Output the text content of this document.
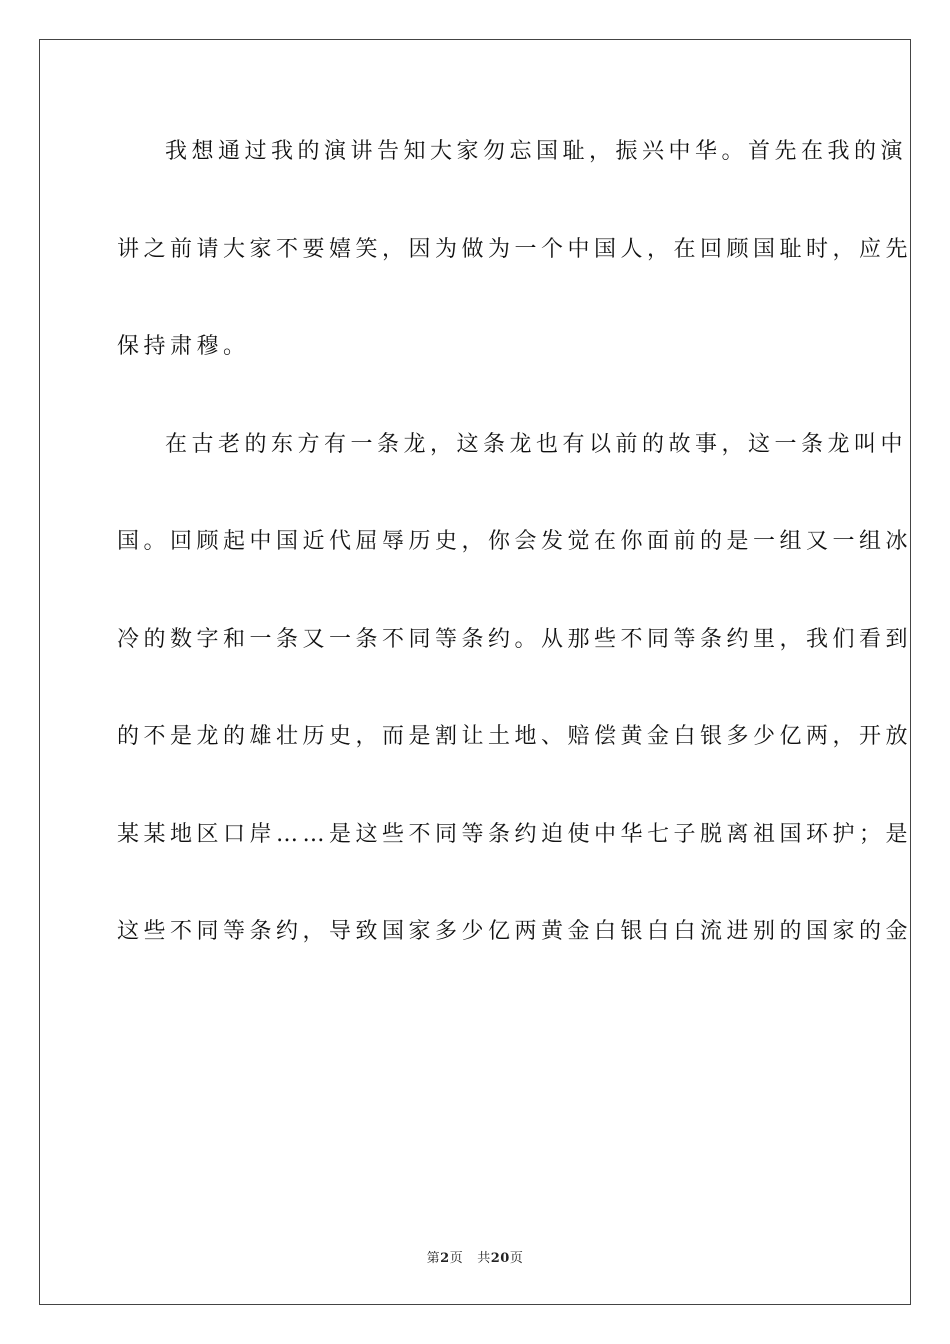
我想通过我的演讲告知大家勿忘国耻，振兴中华。首先在我的演
讲之前请大家不要嬉笑，因为做为一个中国人，在回顾国耻时，应先
保持肃穆。
在古老的东方有一条龙，这条龙也有以前的故事，这一条龙叫中
国。回顾起中国近代屈辱历史，你会发觉在你面前的是一组又一组冰
冷的数字和一条又一条不同等条约。从那些不同等条约里，我们看到
的不是龙的雄壮历史，而是割让土地、赔偿黄金白银多少亿两，开放
某某地区口岸……是这些不同等条约迫使中华七子脱离祖国环护；是
这些不同等条约，导致国家多少亿两黄金白银白白流进别的国家的金
第2页 共20页
